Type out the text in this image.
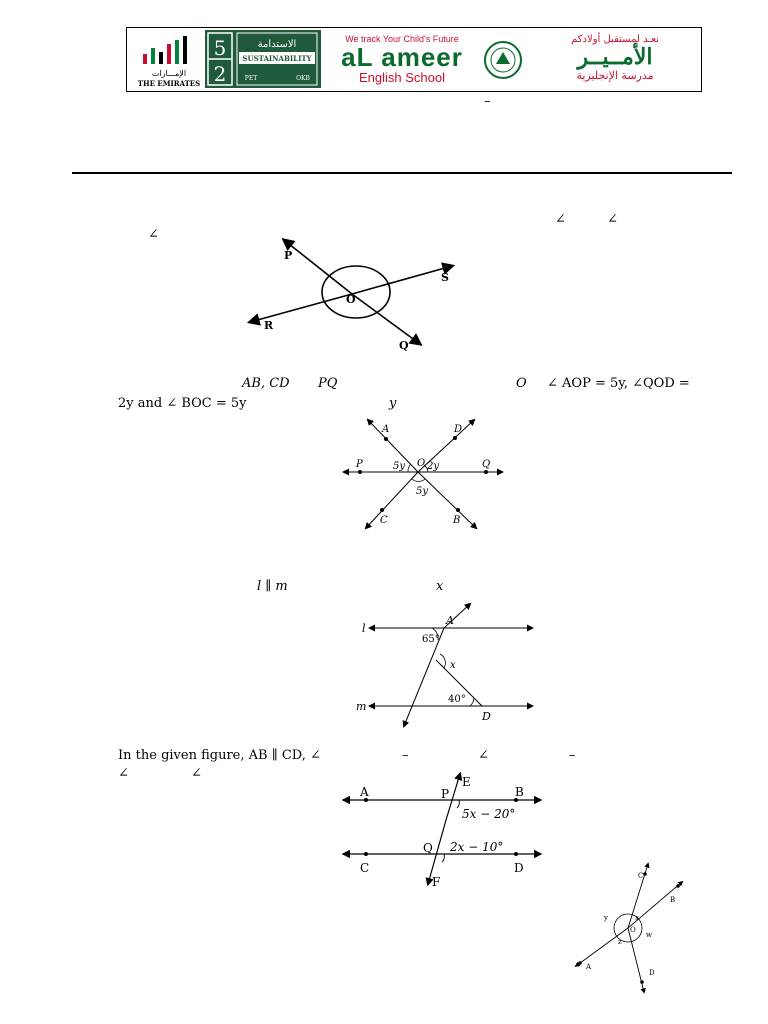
الإمـــارات
THE EMIRATES
5
2
الاستدامة
SUSTAINABILITY
PET	OKB
We track Your Child's Future
aL ameer
English School
نعـد لمستقبل أولادكم
الأمــيــر
مدرسة الإنجليزية
–
∠	∠
∠
P
S
O
R
Q
AB, CD PQ	O ∠ AOP = 5y, ∠QOD =
2y and ∠ BOC = 5y	y
A	D
P	Q
O
C	B
5y 2y
5y
l ∥ m	x
l
m
A
D
65°
x
40°
In the given figure, AB ∥ CD, ∠	–	∠	–
∠	∠
A	B
C	D
E
F
P
Q
5x − 20°
2x − 10°
C
B
A
D
O
x
y
z
w
